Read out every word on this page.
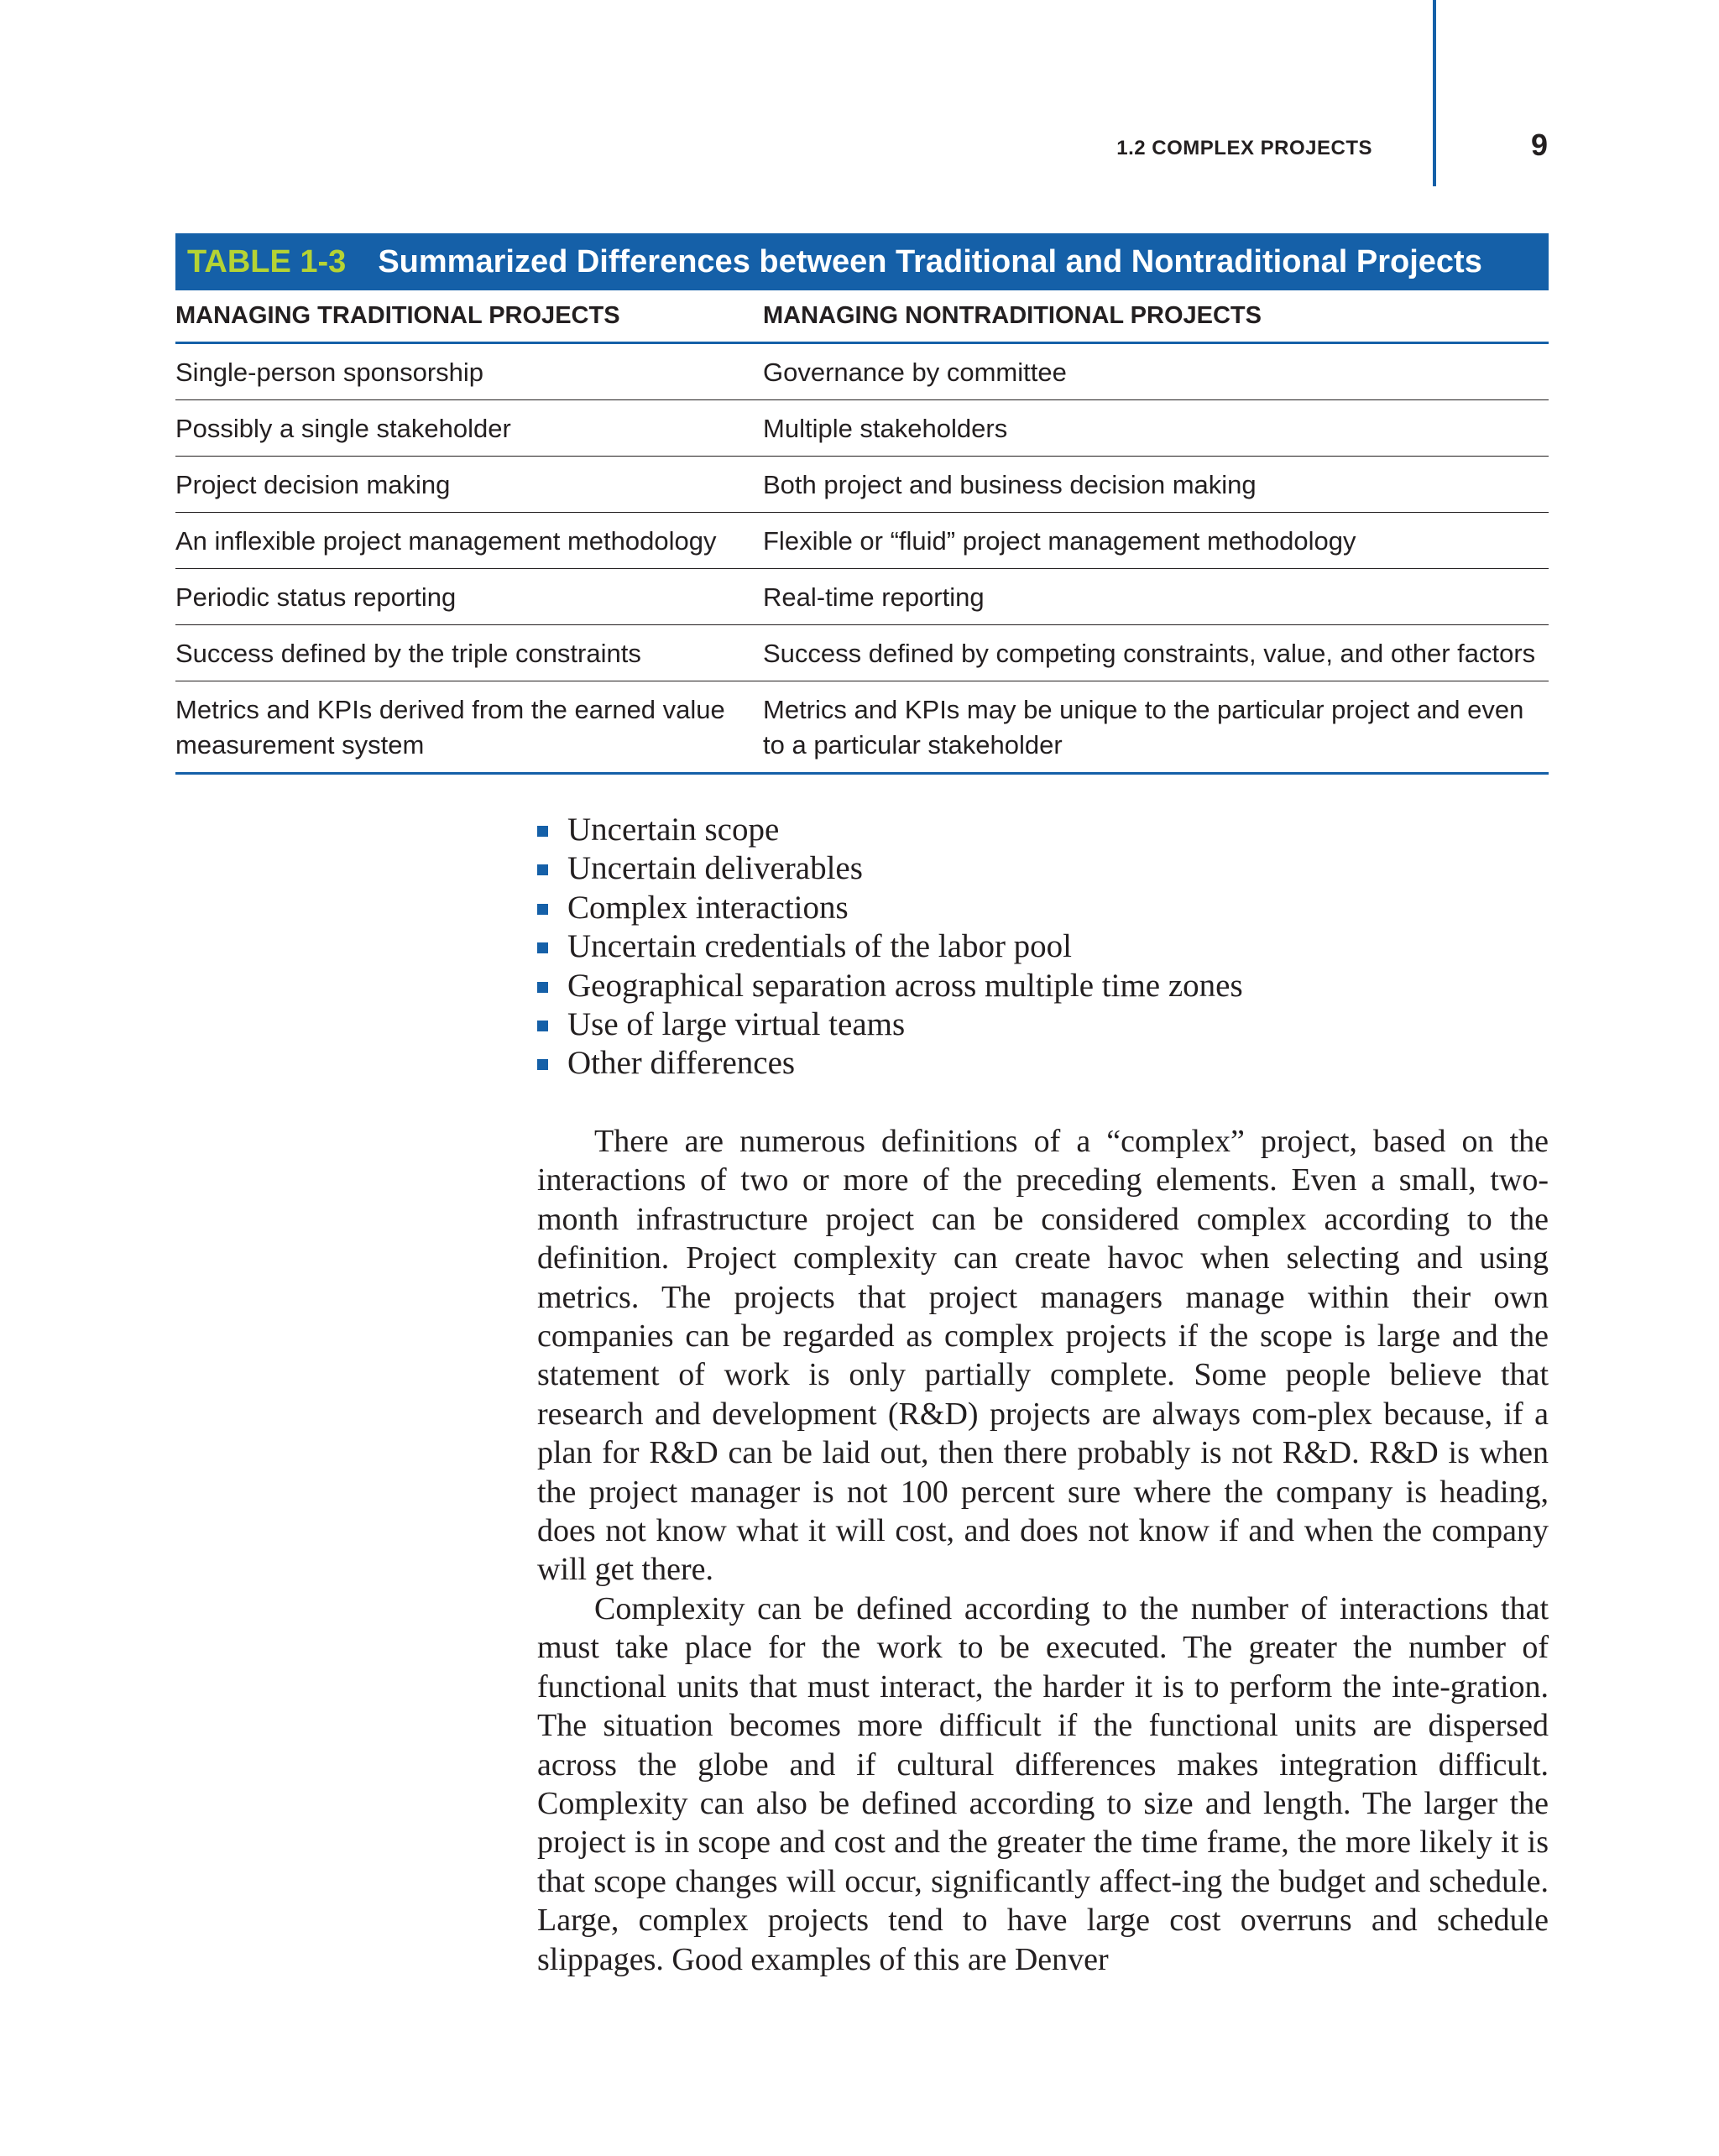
1.2 COMPLEX PROJECTS	9
TABLE 1-3 Summarized Differences between Traditional and Nontraditional Projects
MANAGING TRADITIONAL PROJECTS	MANAGING NONTRADITIONAL PROJECTS
Single-person sponsorship	Governance by committee
Possibly a single stakeholder	Multiple stakeholders
Project decision making	Both project and business decision making
An inflexible project management methodology	Flexible or “fluid” project management methodology
Periodic status reporting	Real-time reporting
Success defined by the triple constraints	Success defined by competing constraints, value, and other factors
Metrics and KPIs derived from the earned value measurement system	Metrics and KPIs may be unique to the particular project and even to a particular stakeholder
Uncertain scope
Uncertain deliverables
Complex interactions
Uncertain credentials of the labor pool
Geographical separation across multiple time zones
Use of large virtual teams
Other differences

There are numerous definitions of a “complex” project, based on the interactions of two or more of the preceding elements. Even a small, two-month infrastructure project can be considered complex according to the definition. Project complexity can create havoc when selecting and using metrics. The projects that project managers manage within their own companies can be regarded as complex projects if the scope is large and the statement of work is only partially complete. Some people believe that research and development (R&D) projects are always com-plex because, if a plan for R&D can be laid out, then there probably is not R&D. R&D is when the project manager is not 100 percent sure where the company is heading, does not know what it will cost, and does not know if and when the company will get there.

Complexity can be defined according to the number of interactions that must take place for the work to be executed. The greater the number of functional units that must interact, the harder it is to perform the inte-gration. The situation becomes more difficult if the functional units are dispersed across the globe and if cultural differences makes integration difficult. Complexity can also be defined according to size and length. The larger the project is in scope and cost and the greater the time frame, the more likely it is that scope changes will occur, significantly affect-ing the budget and schedule. Large, complex projects tend to have large cost overruns and schedule slippages. Good examples of this are Denver
